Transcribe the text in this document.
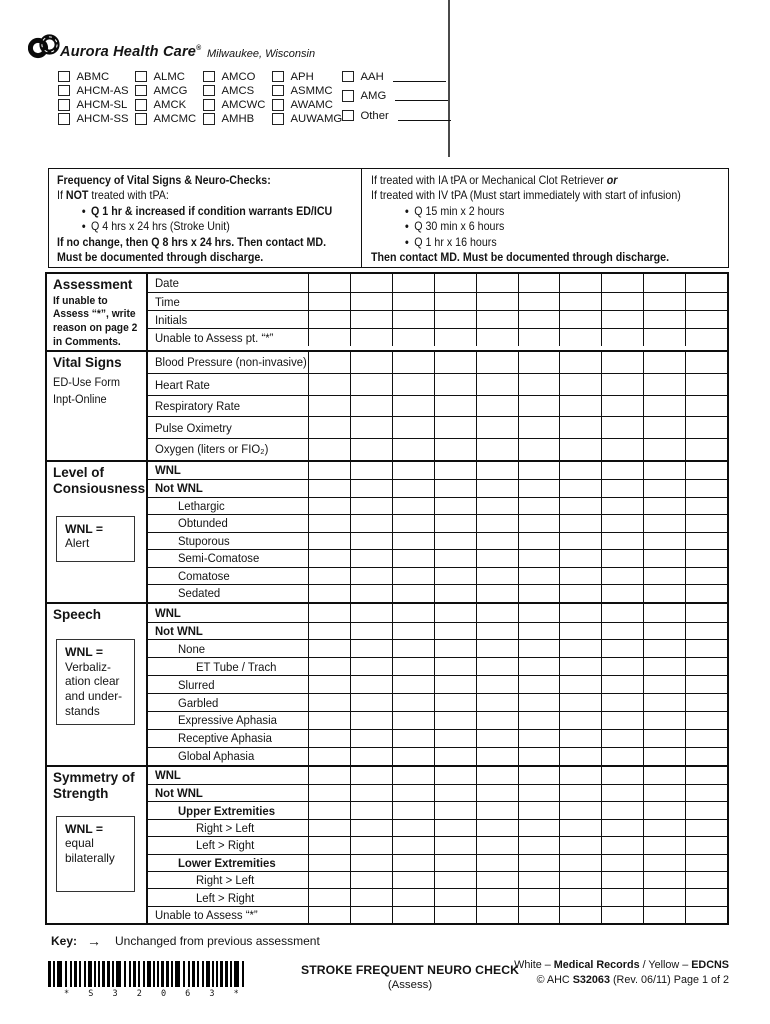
Aurora Health Care® Milwaukee, Wisconsin
ABMC
AHCM-AS
AHCM-SL
AHCM-SS
ALMC
AMCG
AMCK
AMCMC
AMCO
AMCS
AMCWC
AMHB
APH
ASMMC
AWAMC
AUWAMG
AAH
AMG
Other
Frequency of Vital Signs & Neuro-Checks:
If NOT treated with tPA:
• Q 1 hr & increased if condition warrants ED/ICU
• Q 4 hrs x 24 hrs (Stroke Unit)
If no change, then Q 8 hrs x 24 hrs. Then contact MD.
Must be documented through discharge.
If treated with IA tPA or Mechanical Clot Retriever or
If treated with IV tPA (Must start immediately with start of infusion)
• Q 15 min x 2 hours
• Q 30 min x 6 hours
• Q 1 hr x 16 hours
Then contact MD. Must be documented through discharge.
Assessment
If unable to
Assess “*”, write
reason on page 2
in Comments.
Date
Time
Initials
Unable to Assess pt. “*”
Vital Signs
ED-Use Form
Inpt-Online
Blood Pressure (non-invasive)
Heart Rate
Respiratory Rate
Pulse Oximetry
Oxygen (liters or FIO₂)
Level of
Consiousness
WNL =
Alert
WNL
Not WNL
Lethargic
Obtunded
Stuporous
Semi-Comatose
Comatose
Sedated
Speech
WNL =
Verbaliz-
ation clear
and under-
stands
WNL
Not WNL
None
ET Tube / Trach
Slurred
Garbled
Expressive Aphasia
Receptive Aphasia
Global Aphasia
Symmetry of
Strength
WNL =
equal
bilaterally
WNL
Not WNL
Upper Extremities
Right > Left
Left > Right
Lower Extremities
Right > Left
Left > Right
Unable to Assess “*”
Key: → Unchanged from previous assessment
* S 3 2 0 6 3 *
STROKE FREQUENT NEURO CHECK
(Assess)
White – Medical Records / Yellow – EDCNS
© AHC S32063 (Rev. 06/11) Page 1 of 2
